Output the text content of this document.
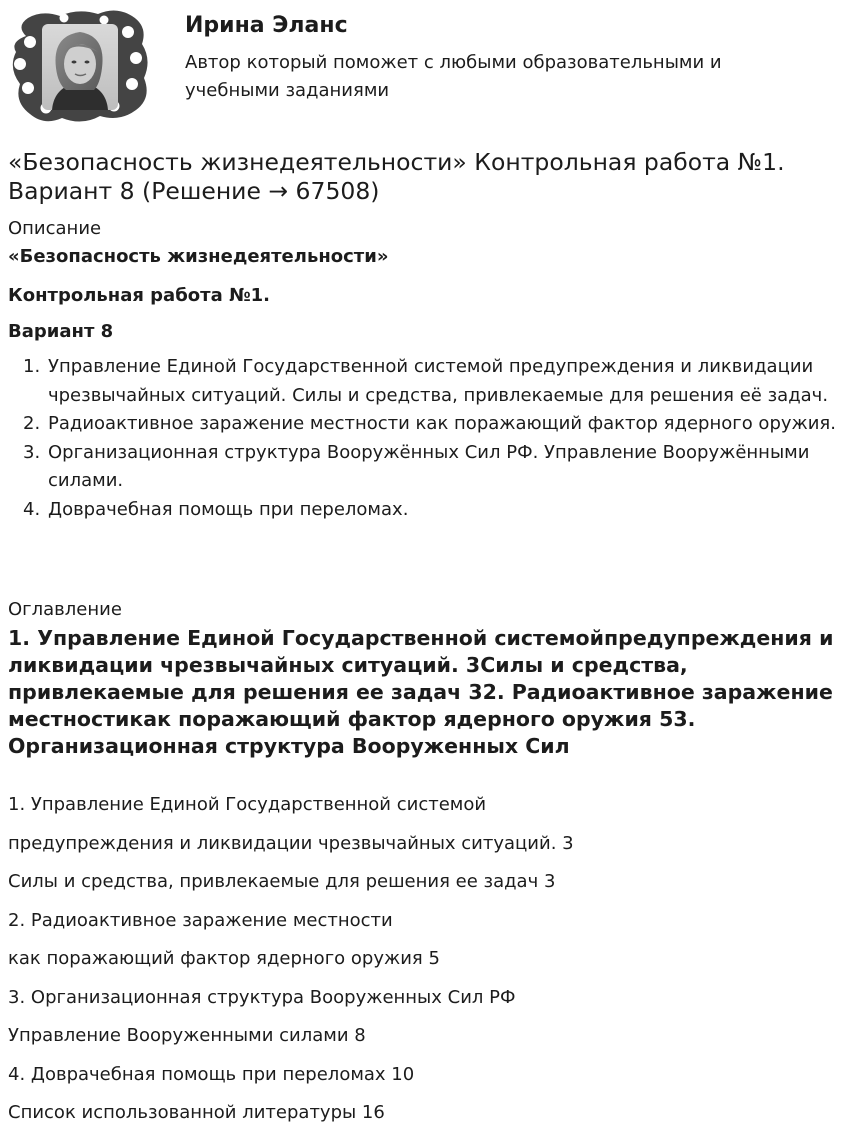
Ирина Эланс
Автор который поможет с любыми образовательными и учебными заданиями
«Безопасность жизнедеятельности» Контрольная работа №1. Вариант 8 (Решение → 67508)
Описание
«Безопасность жизнедеятельности»
Контрольная работа №1.
Вариант 8
1. Управление Единой Государственной системой предупреждения и ликвидации чрезвычайных ситуаций. Силы и средства, привлекаемые для решения её задач.
2. Радиоактивное заражение местности как поражающий фактор ядерного оружия.
3. Организационная структура Вооружённых Сил РФ. Управление Вооружёнными силами.
4. Доврачебная помощь при переломах.
Оглавление
1. Управление Единой Государственной системойпредупреждения и ликвидации чрезвычайных ситуаций. 3Силы и средства, привлекаемые для решения ее задач 32. Радиоактивное заражение местностикак поражающий фактор ядерного оружия 53. Организационная структура Вооруженных Сил
1. Управление Единой Государственной системой
предупреждения и ликвидации чрезвычайных ситуаций. 3
Силы и средства, привлекаемые для решения ее задач 3
2. Радиоактивное заражение местности
как поражающий фактор ядерного оружия 5
3. Организационная структура Вооруженных Сил РФ
Управление Вооруженными силами 8
4. Доврачебная помощь при переломах 10
Список использованной литературы 16
